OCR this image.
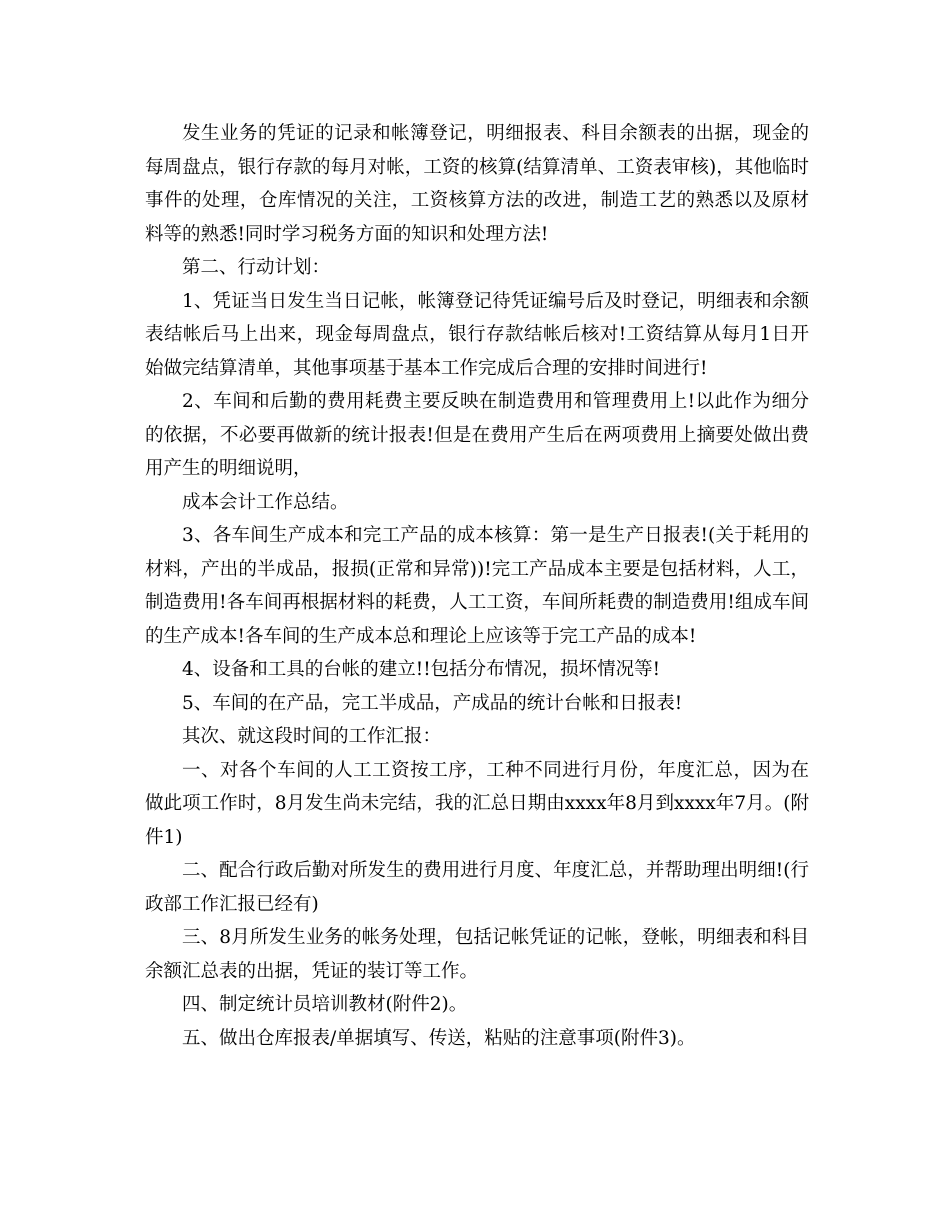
发生业务的凭证的记录和帐簿登记，明细报表、科目余额表的出据，现金的每周盘点，银行存款的每月对帐，工资的核算(结算清单、工资表审核)，其他临时事件的处理，仓库情况的关注，工资核算方法的改进，制造工艺的熟悉以及原材料等的熟悉!同时学习税务方面的知识和处理方法!

第二、行动计划：

1、凭证当日发生当日记帐，帐簿登记待凭证编号后及时登记，明细表和余额表结帐后马上出来，现金每周盘点，银行存款结帐后核对!工资结算从每月1日开始做完结算清单，其他事项基于基本工作完成后合理的安排时间进行!

2、车间和后勤的费用耗费主要反映在制造费用和管理费用上!以此作为细分的依据，不必要再做新的统计报表!但是在费用产生后在两项费用上摘要处做出费用产生的明细说明，

成本会计工作总结。

3、各车间生产成本和完工产品的成本核算：第一是生产日报表!(关于耗用的材料，产出的半成品，报损(正常和异常))!完工产品成本主要是包括材料，人工，制造费用!各车间再根据材料的耗费，人工工资，车间所耗费的制造费用!组成车间的生产成本!各车间的生产成本总和理论上应该等于完工产品的成本!

4、设备和工具的台帐的建立!!包括分布情况，损坏情况等!

5、车间的在产品，完工半成品，产成品的统计台帐和日报表!

其次、就这段时间的工作汇报：

一、对各个车间的人工工资按工序，工种不同进行月份，年度汇总，因为在做此项工作时，8月发生尚未完结，我的汇总日期由xxxx年8月到xxxx年7月。(附件1)

二、配合行政后勤对所发生的费用进行月度、年度汇总，并帮助理出明细!(行政部工作汇报已经有)

三、8月所发生业务的帐务处理，包括记帐凭证的记帐，登帐，明细表和科目余额汇总表的出据，凭证的装订等工作。

四、制定统计员培训教材(附件2)。

五、做出仓库报表/单据填写、传送，粘贴的注意事项(附件3)。
